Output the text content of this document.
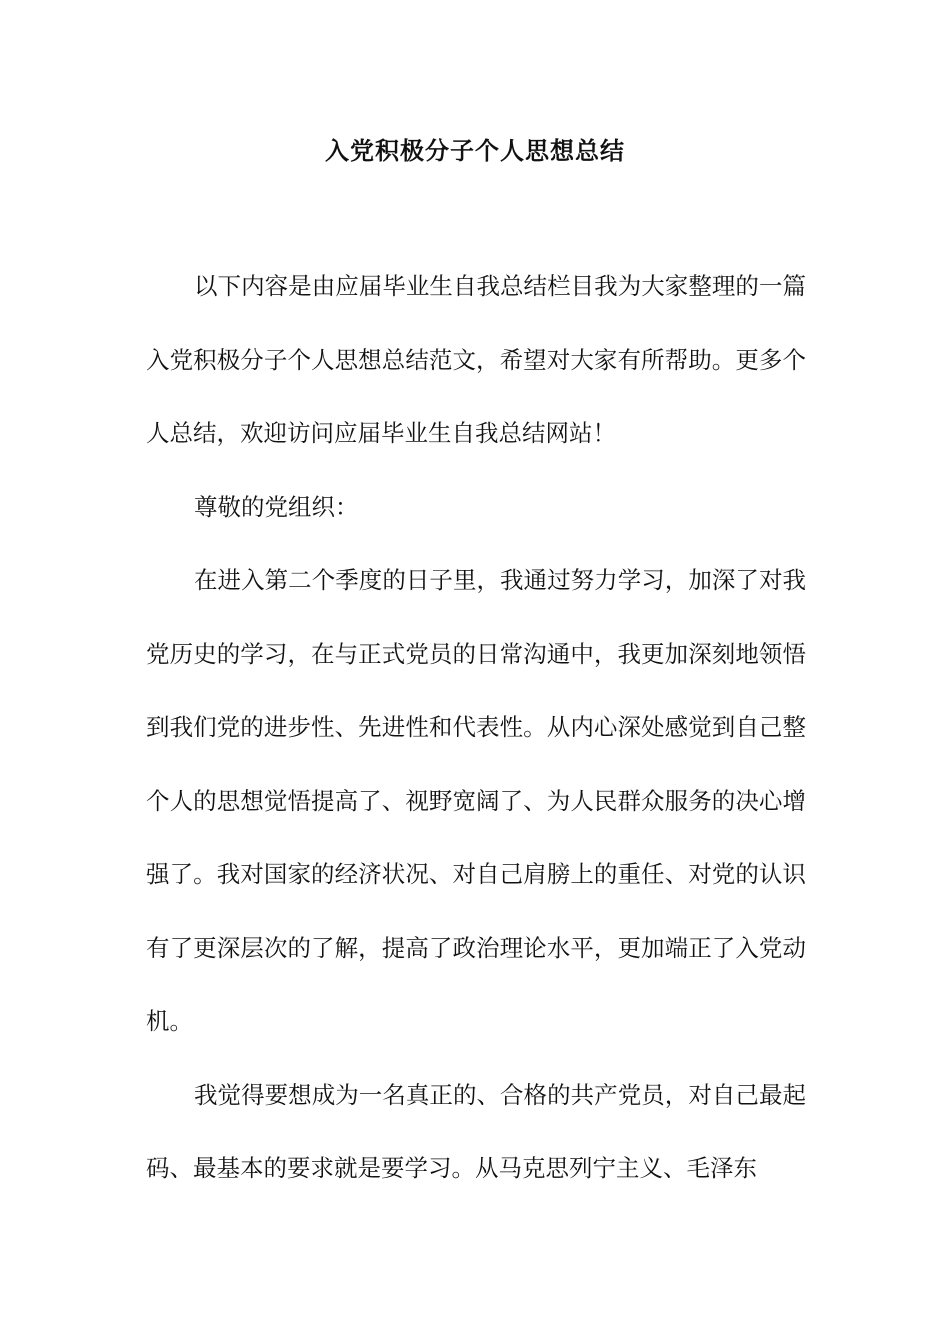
入党积极分子个人思想总结

以下内容是由应届毕业生自我总结栏目我为大家整理的一篇入党积极分子个人思想总结范文，希望对大家有所帮助。更多个人总结，欢迎访问应届毕业生自我总结网站！

尊敬的党组织：

在进入第二个季度的日子里，我通过努力学习，加深了对我党历史的学习，在与正式党员的日常沟通中，我更加深刻地领悟到我们党的进步性、先进性和代表性。从内心深处感觉到自己整个人的思想觉悟提高了、视野宽阔了、为人民群众服务的决心增强了。我对国家的经济状况、对自己肩膀上的重任、对党的认识有了更深层次的了解，提高了政治理论水平，更加端正了入党动机。

我觉得要想成为一名真正的、合格的共产党员，对自己最起码、最基本的要求就是要学习。从马克思列宁主义、毛泽东
